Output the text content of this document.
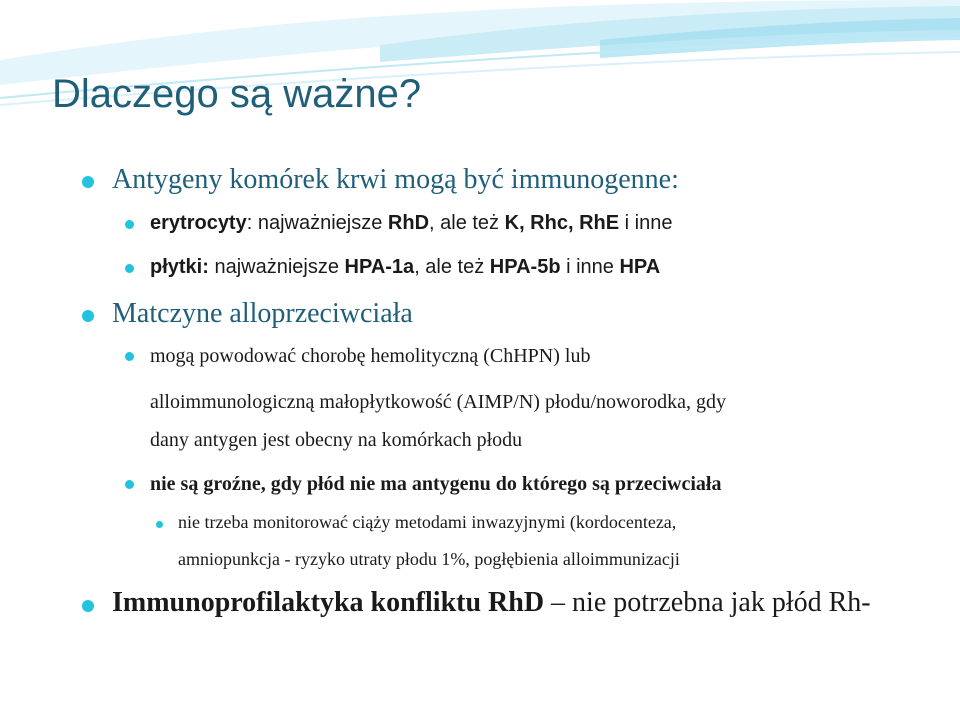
Dlaczego są ważne?
Antygeny komórek krwi mogą być immunogenne:
erytrocyty: najważniejsze RhD, ale też K, Rhc, RhE i inne
płytki: najważniejsze HPA-1a, ale też HPA-5b i inne HPA
Matczyne alloprzeciwciała
mogą powodować chorobę hemolityczną (ChHPN) lub
alloimmunologiczną małopłytkowość (AIMP/N) płodu/noworodka, gdy
dany antygen jest obecny na komórkach płodu
nie są groźne, gdy płód nie ma antygenu do którego są przeciwciała
nie trzeba monitorować ciąży metodami inwazyjnymi (kordocenteza,
amniopunkcja - ryzyko utraty płodu 1%, pogłębienia alloimmunizacji
Immunoprofilaktyka konfliktu RhD – nie potrzebna jak płód Rh-
